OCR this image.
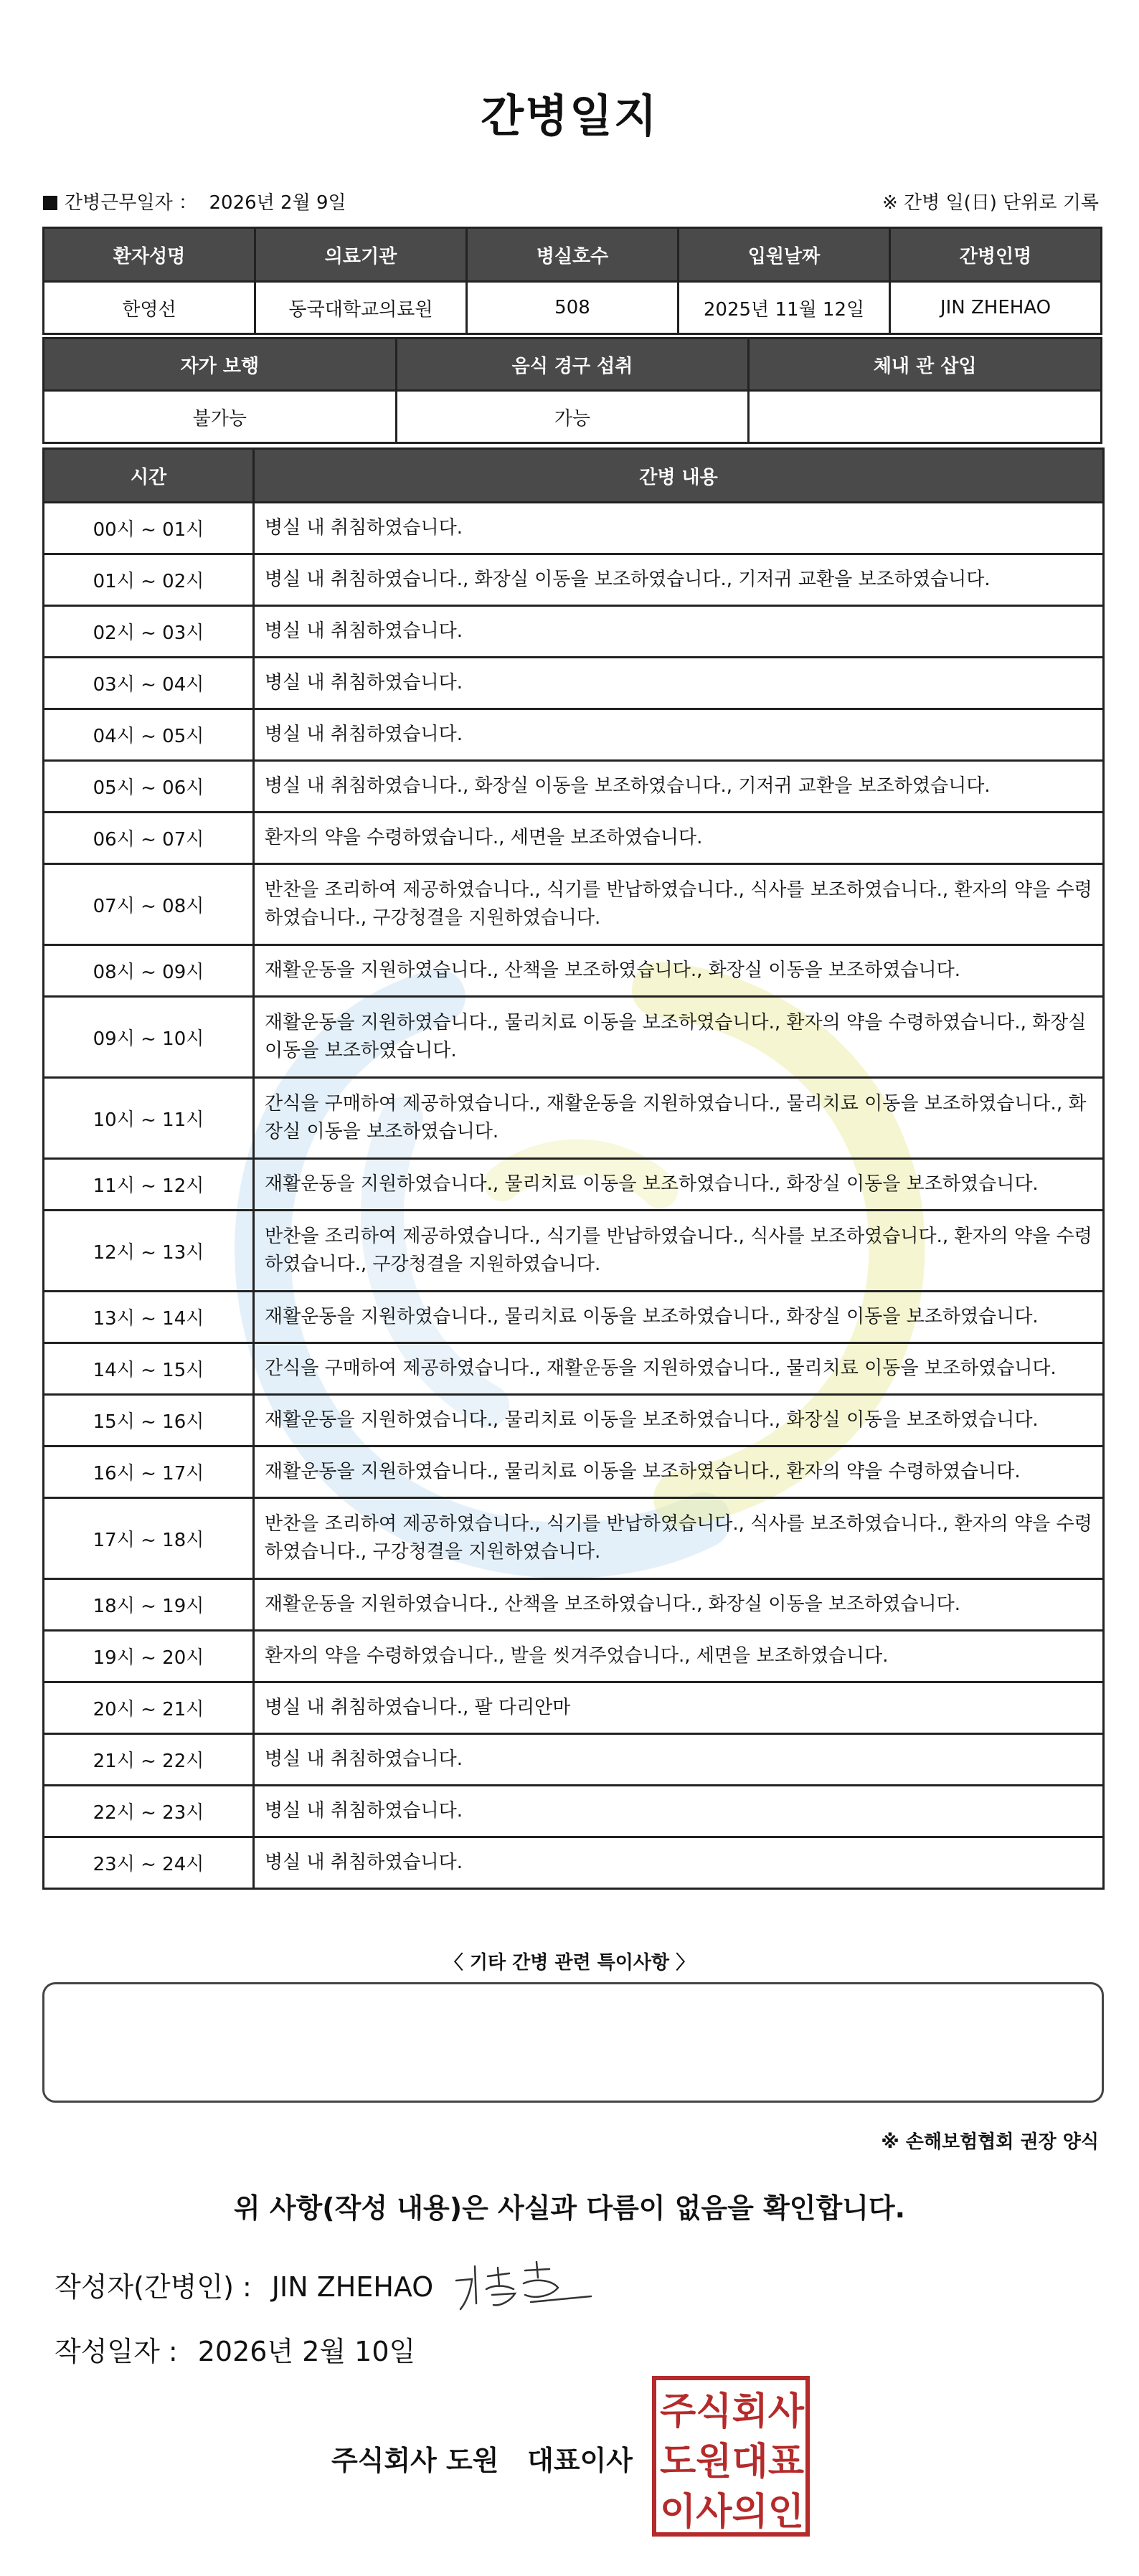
간병일지
간병근무일자 ： 2026년 2월 9일	※ 간병 일(日) 단위로 기록
환자성명	의료기관	병실호수	입원날짜	간병인명
한영선	동국대학교의료원	508	2025년 11월 12일	JIN ZHEHAO
자가 보행	음식 경구 섭취	체내 관 삽입
불가능	가능	
시간	간병 내용
00시 ~ 01시	병실 내 취침하였습니다.
01시 ~ 02시	병실 내 취침하였습니다., 화장실 이동을 보조하였습니다., 기저귀 교환을 보조하였습니다.
02시 ~ 03시	병실 내 취침하였습니다.
03시 ~ 04시	병실 내 취침하였습니다.
04시 ~ 05시	병실 내 취침하였습니다.
05시 ~ 06시	병실 내 취침하였습니다., 화장실 이동을 보조하였습니다., 기저귀 교환을 보조하였습니다.
06시 ~ 07시	환자의 약을 수령하였습니다., 세면을 보조하였습니다.
07시 ~ 08시	반찬을 조리하여 제공하였습니다., 식기를 반납하였습니다., 식사를 보조하였습니다., 환자의 약을 수령하였습니다., 구강청결을 지원하였습니다.
08시 ~ 09시	재활운동을 지원하였습니다., 산책을 보조하였습니다., 화장실 이동을 보조하였습니다.
09시 ~ 10시	재활운동을 지원하였습니다., 물리치료 이동을 보조하였습니다., 환자의 약을 수령하였습니다., 화장실 이동을 보조하였습니다.
10시 ~ 11시	간식을 구매하여 제공하였습니다., 재활운동을 지원하였습니다., 물리치료 이동을 보조하였습니다., 화장실 이동을 보조하였습니다.
11시 ~ 12시	재활운동을 지원하였습니다., 물리치료 이동을 보조하였습니다., 화장실 이동을 보조하였습니다.
12시 ~ 13시	반찬을 조리하여 제공하였습니다., 식기를 반납하였습니다., 식사를 보조하였습니다., 환자의 약을 수령하였습니다., 구강청결을 지원하였습니다.
13시 ~ 14시	재활운동을 지원하였습니다., 물리치료 이동을 보조하였습니다., 화장실 이동을 보조하였습니다.
14시 ~ 15시	간식을 구매하여 제공하였습니다., 재활운동을 지원하였습니다., 물리치료 이동을 보조하였습니다.
15시 ~ 16시	재활운동을 지원하였습니다., 물리치료 이동을 보조하였습니다., 화장실 이동을 보조하였습니다.
16시 ~ 17시	재활운동을 지원하였습니다., 물리치료 이동을 보조하였습니다., 환자의 약을 수령하였습니다.
17시 ~ 18시	반찬을 조리하여 제공하였습니다., 식기를 반납하였습니다., 식사를 보조하였습니다., 환자의 약을 수령하였습니다., 구강청결을 지원하였습니다.
18시 ~ 19시	재활운동을 지원하였습니다., 산책을 보조하였습니다., 화장실 이동을 보조하였습니다.
19시 ~ 20시	환자의 약을 수령하였습니다., 발을 씻겨주었습니다., 세면을 보조하였습니다.
20시 ~ 21시	병실 내 취침하였습니다., 팔 다리안마
21시 ~ 22시	병실 내 취침하였습니다.
22시 ~ 23시	병실 내 취침하였습니다.
23시 ~ 24시	병실 내 취침하였습니다.
〈 기타 간병 관련 특이사항 〉
※ 손해보험협회 권장 양식
위 사항(작성 내용)은 사실과 다름이 없음을 확인합니다.
작성자(간병인) : JIN ZHEHAO
작성일자 : 2026년 2월 10일
주식회사 도원   대표이사
주식회사
도원대표
이사의인
